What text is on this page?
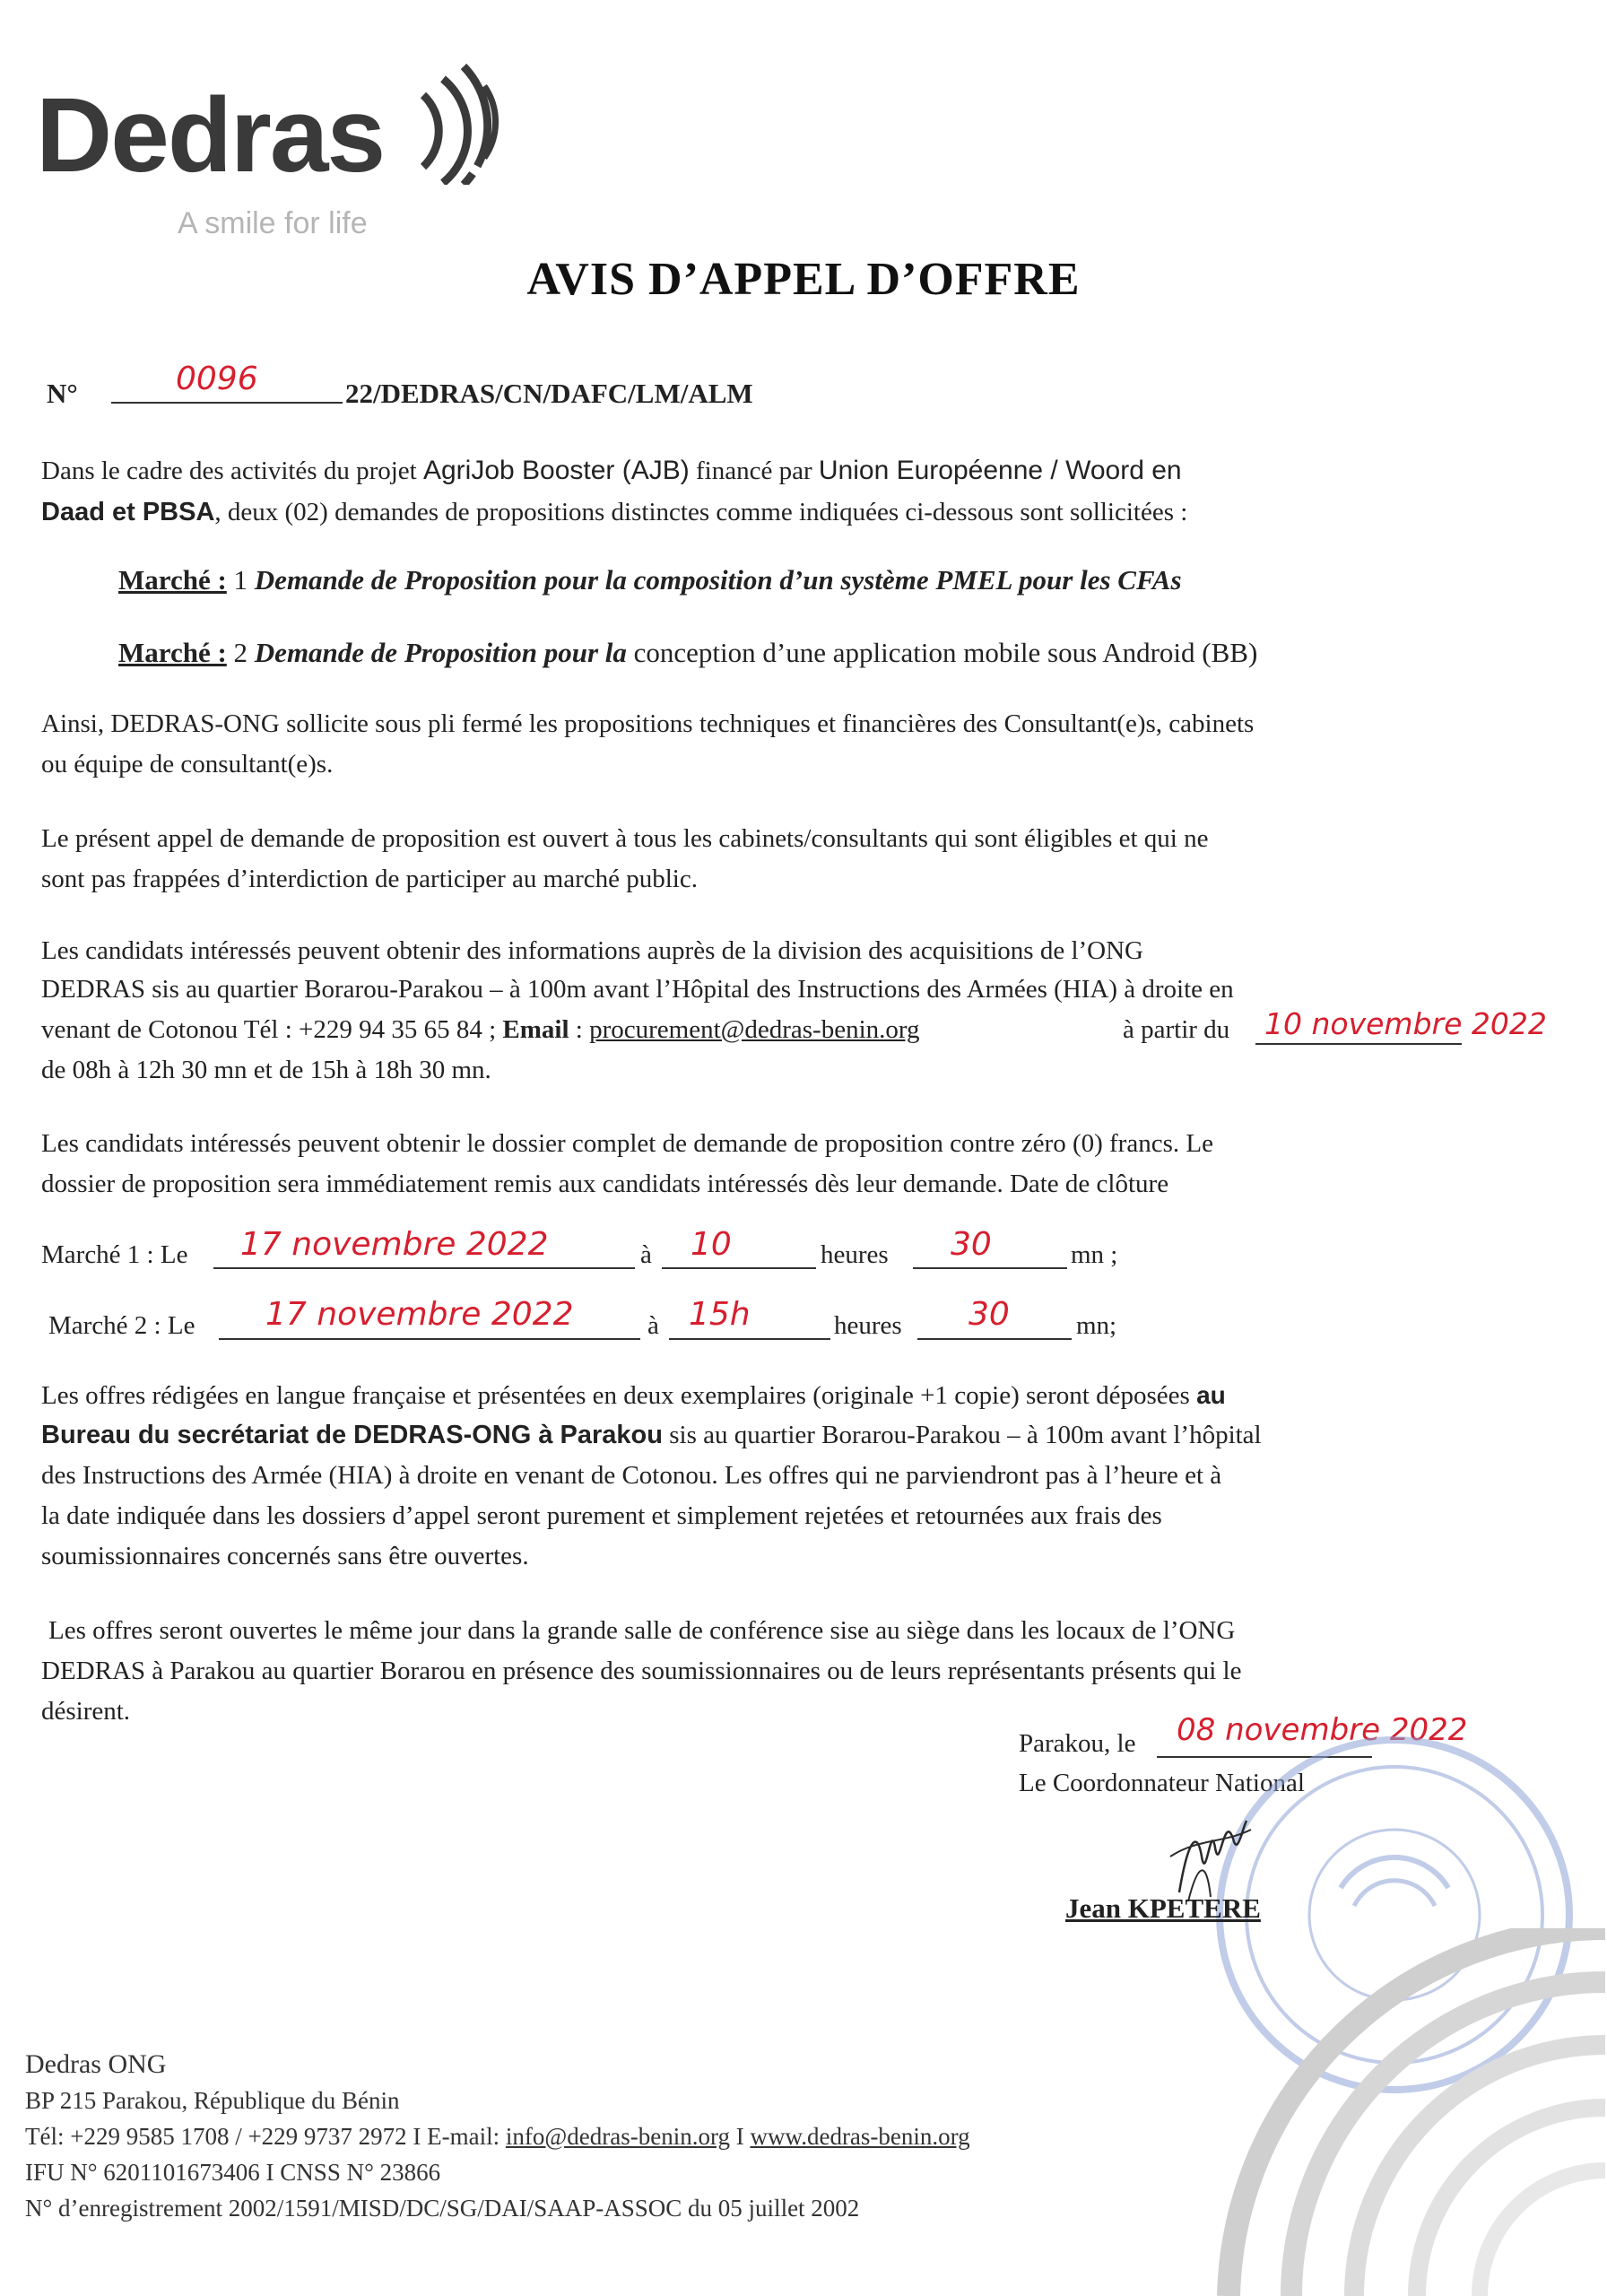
Dedras
A smile for life
AVIS D’APPEL D’OFFRE
N°	0096	22/DEDRAS/CN/DAFC/LM/ALM
Dans le cadre des activités du projet AgriJob Booster (AJB) financé par Union Européenne / Woord en
Daad et PBSA, deux (02) demandes de propositions distinctes comme indiquées ci-dessous sont sollicitées :
Marché : 1 Demande de Proposition pour la composition d’un système PMEL pour les CFAs
Marché : 2 Demande de Proposition pour la conception d’une application mobile sous Android (BB)
Ainsi, DEDRAS-ONG sollicite sous pli fermé les propositions techniques et financières des Consultant(e)s, cabinets
ou équipe de consultant(e)s.
Le présent appel de demande de proposition est ouvert à tous les cabinets/consultants qui sont éligibles et qui ne
sont pas frappées d’interdiction de participer au marché public.
Les candidats intéressés peuvent obtenir des informations auprès de la division des acquisitions de l’ONG
DEDRAS sis au quartier Borarou-Parakou – à 100m avant l’Hôpital des Instructions des Armées (HIA) à droite en
venant de Cotonou Tél : +229 94 35 65 84 ; Email : procurement@dedras-benin.org	à partir du 10 novembre 2022
de 08h à 12h 30 mn et de 15h à 18h 30 mn.
Les candidats intéressés peuvent obtenir le dossier complet de demande de proposition contre zéro (0) francs. Le
dossier de proposition sera immédiatement remis aux candidats intéressés dès leur demande. Date de clôture
Marché 1 : Le 17 novembre 2022	à 10	heures 30	mn ;
Marché 2 : Le 17 novembre 2022	à 15h	heures 30	mn;
Les offres rédigées en langue française et présentées en deux exemplaires (originale +1 copie) seront déposées au
Bureau du secrétariat de DEDRAS-ONG à Parakou sis au quartier Borarou-Parakou – à 100m avant l’hôpital
des Instructions des Armée (HIA) à droite en venant de Cotonou. Les offres qui ne parviendront pas à l’heure et à
la date indiquée dans les dossiers d’appel seront purement et simplement rejetées et retournées aux frais des
soumissionnaires concernés sans être ouvertes.
Les offres seront ouvertes le même jour dans la grande salle de conférence sise au siège dans les locaux de l’ONG
DEDRAS à Parakou au quartier Borarou en présence des soumissionnaires ou de leurs représentants présents qui le
désirent.
Parakou, le 08 novembre 2022
Le Coordonnateur National
Jean KPETERE
Dedras ONG
BP 215 Parakou, République du Bénin
Tél: +229 9585 1708 / +229 9737 2972 I E-mail: info@dedras-benin.org I www.dedras-benin.org
IFU N° 6201101673406 I CNSS N° 23866
N° d’enregistrement 2002/1591/MISD/DC/SG/DAI/SAAP-ASSOC du 05 juillet 2002
